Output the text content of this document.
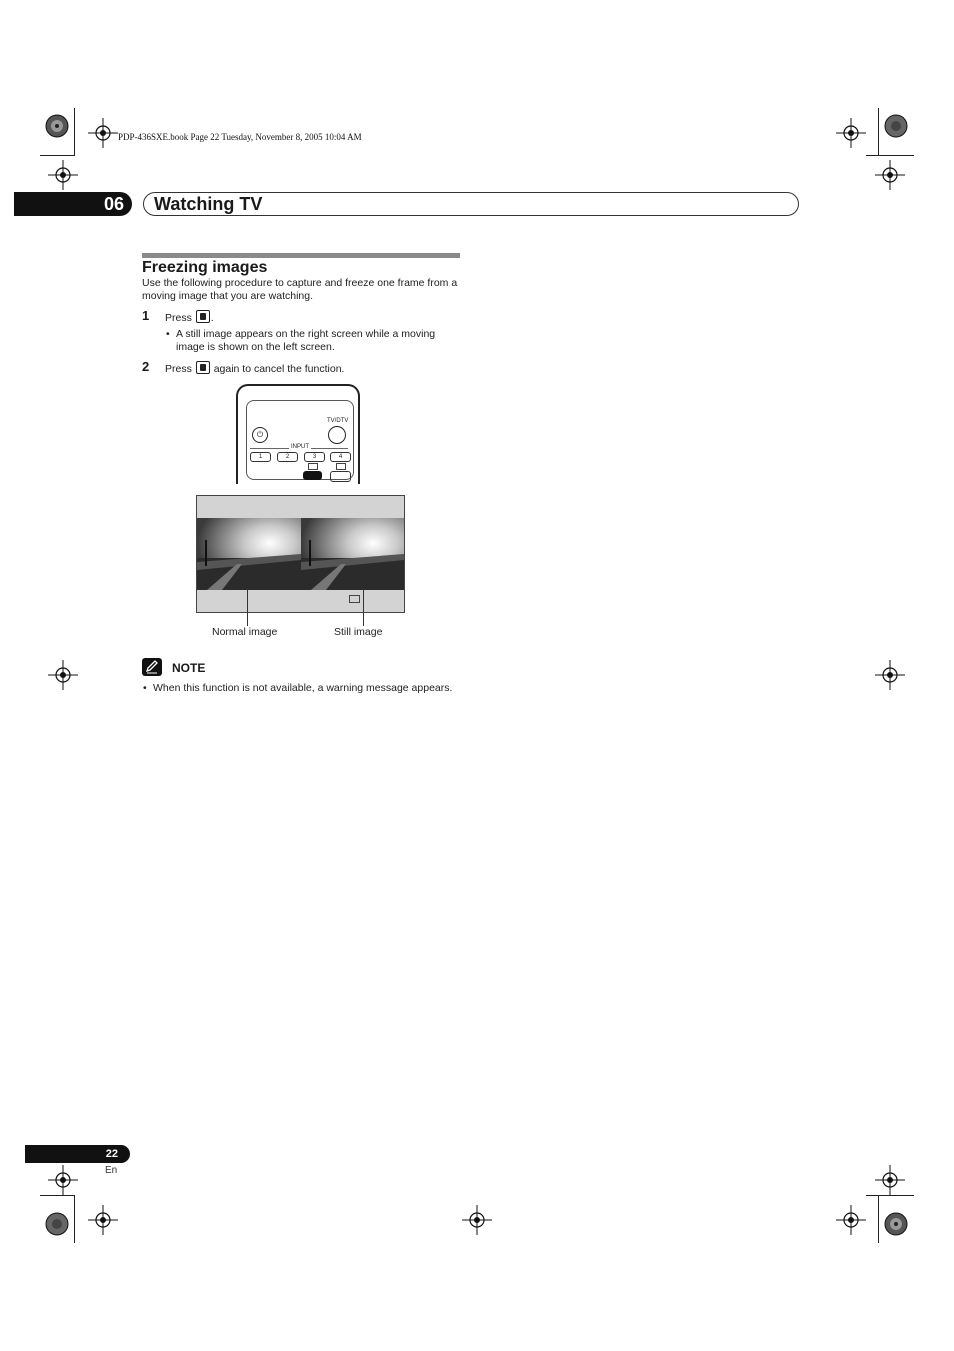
PDP-436SXE.book Page 22 Tuesday, November 8, 2005 10:04 AM
06	Watching TV
Freezing images
Use the following procedure to capture and freeze one frame from a moving image that you are watching.
1 Press .
• A still image appears on the right screen while a moving image is shown on the left screen.
2 Press again to cancel the function.
TV/DTV
⏻
INPUT
1	2	3	4
Normal image	Still image
NOTE
• When this function is not available, a warning message appears.
22
En
